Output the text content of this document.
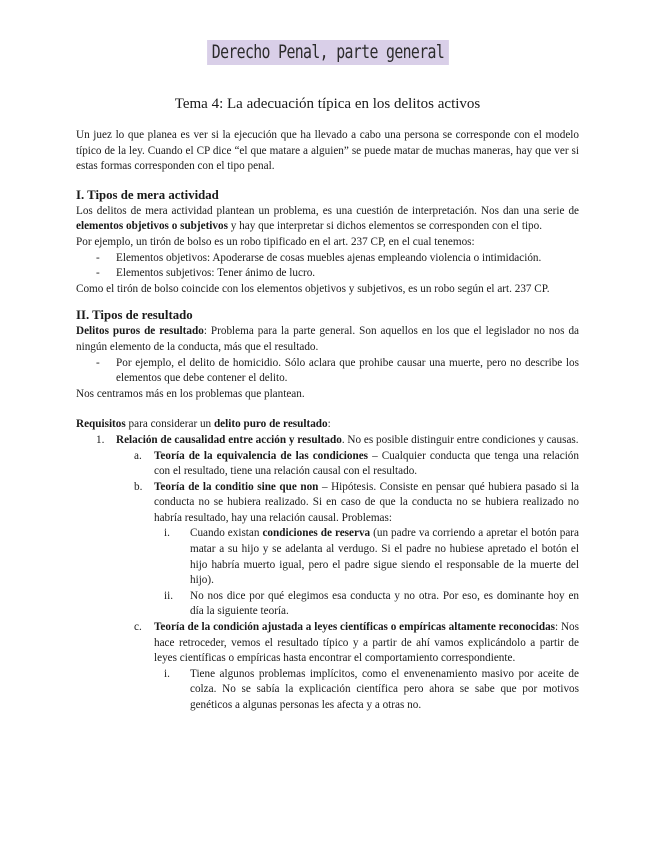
Derecho Penal, parte general
Tema 4: La adecuación típica en los delitos activos

Un juez lo que planea es ver si la ejecución que ha llevado a cabo una persona se corresponde con el modelo típico de la ley. Cuando el CP dice “el que matare a alguien” se puede matar de muchas maneras, hay que ver si estas formas corresponden con el tipo penal.

I. Tipos de mera actividad

Los delitos de mera actividad plantean un problema, es una cuestión de interpretación. Nos dan una serie de elementos objetivos o subjetivos y hay que interpretar si dichos elementos se corresponden con el tipo.

Por ejemplo, un tirón de bolso es un robo tipificado en el art. 237 CP, en el cual tenemos:

-	Elementos objetivos: Apoderarse de cosas muebles ajenas empleando violencia o intimidación.
-	Elementos subjetivos: Tener ánimo de lucro.

Como el tirón de bolso coincide con los elementos objetivos y subjetivos, es un robo según el art. 237 CP.

II. Tipos de resultado

Delitos puros de resultado: Problema para la parte general. Son aquellos en los que el legislador no nos da ningún elemento de la conducta, más que el resultado.

-	Por ejemplo, el delito de homicidio. Sólo aclara que prohibe causar una muerte, pero no describe los elementos que debe contener el delito.

Nos centramos más en los problemas que plantean.

Requisitos para considerar un delito puro de resultado:

1.	Relación de causalidad entre acción y resultado. No es posible distinguir entre condiciones y causas.
a.	Teoría de la equivalencia de las condiciones – Cualquier conducta que tenga una relación con el resultado, tiene una relación causal con el resultado.
b.	Teoría de la conditio sine que non – Hipótesis. Consiste en pensar qué hubiera pasado si la conducta no se hubiera realizado. Si en caso de que la conducta no se hubiera realizado no habría resultado, hay una relación causal. Problemas:
i.	Cuando existan condiciones de reserva (un padre va corriendo a apretar el botón para matar a su hijo y se adelanta al verdugo. Si el padre no hubiese apretado el botón el hijo habría muerto igual, pero el padre sigue siendo el responsable de la muerte del hijo).
ii.	No nos dice por qué elegimos esa conducta y no otra. Por eso, es dominante hoy en día la siguiente teoría.
c.	Teoría de la condición ajustada a leyes científicas o empíricas altamente reconocidas: Nos hace retroceder, vemos el resultado típico y a partir de ahí vamos explicándolo a partir de leyes científicas o empíricas hasta encontrar el comportamiento correspondiente.
i.	Tiene algunos problemas implícitos, como el envenenamiento masivo por aceite de colza. No se sabía la explicación científica pero ahora se sabe que por motivos genéticos a algunas personas les afecta y a otras no.
